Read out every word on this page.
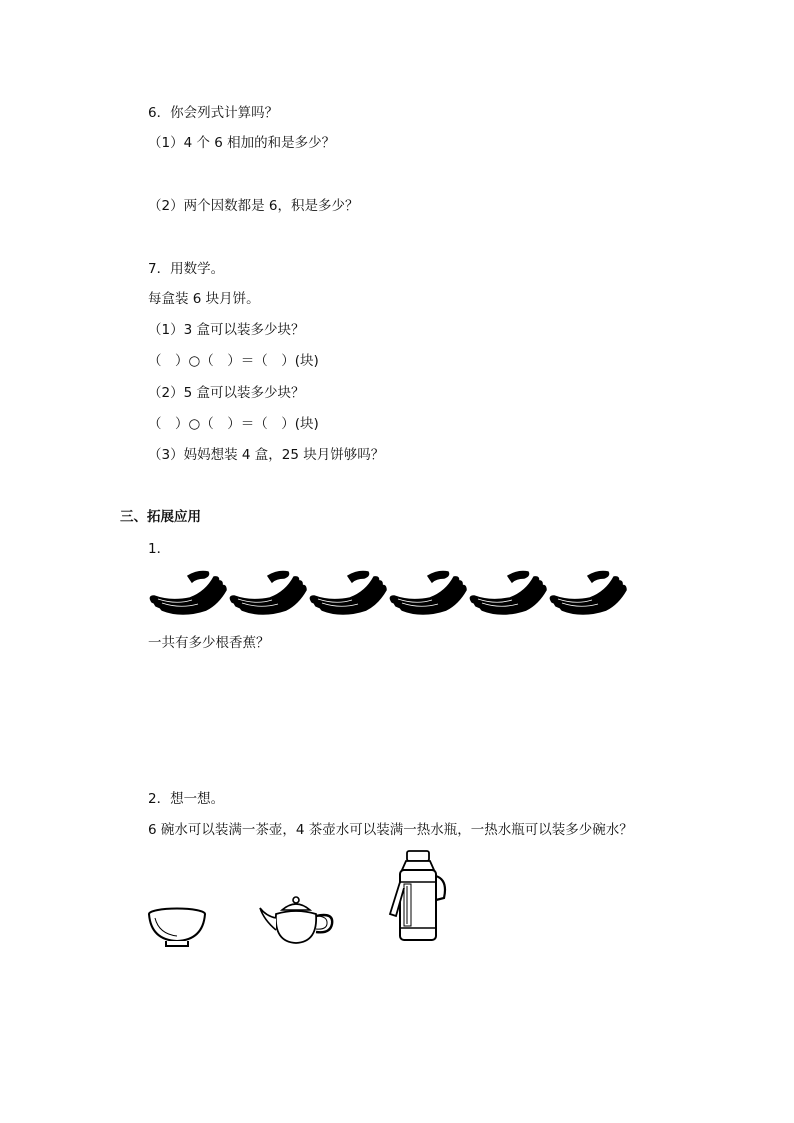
6．你会列式计算吗？
（1）4 个 6 相加的和是多少？
（2）两个因数都是 6，积是多少？
7．用数学。
每盒装 6 块月饼。
（1）3 盒可以装多少块？
（　）○（　）＝（　）(块)
（2）5 盒可以装多少块？
（　）○（　）＝（　）(块)
（3）妈妈想装 4 盒，25 块月饼够吗？
三、拓展应用
1．
一共有多少根香蕉？
2．想一想。
6 碗水可以装满一茶壶，4 茶壶水可以装满一热水瓶，一热水瓶可以装多少碗水？
